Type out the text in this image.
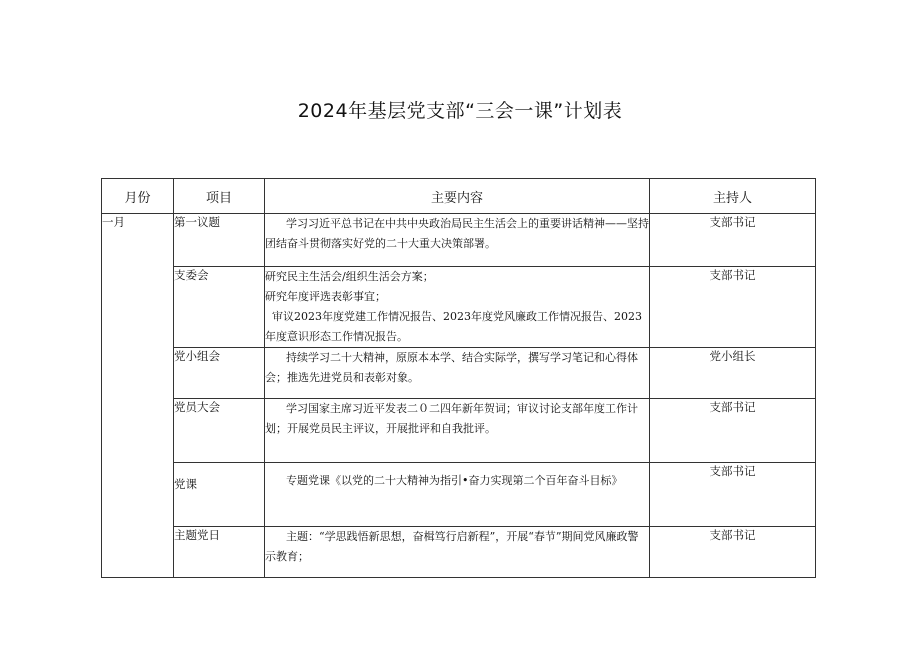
2024年基层党支部“三会一课”计划表
月份	项目	主要内容	主持人
一月	第一议题	学习习近平总书记在中共中央政治局民主生活会上的重要讲话精神——坚持团结奋斗贯彻落实好党的二十大重大决策部署。	支部书记
	支委会	研究民主生活会/组织生活会方案；
研究年度评选表彰事宜；
审议2023年度党建工作情况报告、2023年度党风廉政工作情况报告、2023年度意识形态工作情况报告。	支部书记
	党小组会	持续学习二十大精神，原原本本学、结合实际学，撰写学习笔记和心得体会；推选先进党员和表彰对象。	党小组长
	党员大会	学习国家主席习近平发表二０二四年新年贺词；审议讨论支部年度工作计划；开展党员民主评议，开展批评和自我批评。	支部书记
	党课	专题党课《以党的二十大精神为指引•奋力实现第二个百年奋斗目标》	支部书记
	主题党日	主题：“学思践悟新思想，奋楫笃行启新程”，开展“春节”期间党风廉政警示教育；	支部书记
